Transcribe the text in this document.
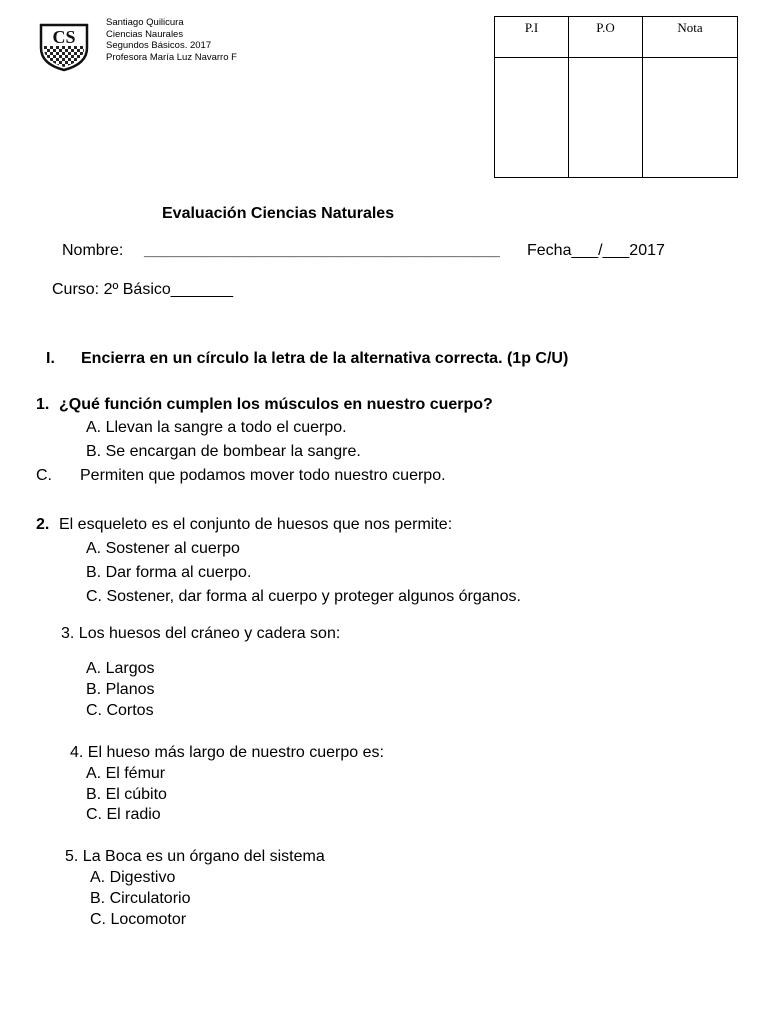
CS
Santiago Quilicura
Ciencias Naurales
Segundos Básicos. 2017
Profesora María Luz Navarro F
P.I	P.O	Nota

Evaluación Ciencias Naturales
Nombre: ________________________________________ Fecha___/___2017
Curso: 2º Básico_______
I. Encierra en un círculo la letra de la alternativa correcta. (1p C/U)
1. ¿Qué función cumplen los músculos en nuestro cuerpo?
A. Llevan la sangre a todo el cuerpo.
B. Se encargan de bombear la sangre.
C. Permiten que podamos mover todo nuestro cuerpo.
2. El esqueleto es el conjunto de huesos que nos permite:
A. Sostener al cuerpo
B. Dar forma al cuerpo.
C. Sostener, dar forma al cuerpo y proteger algunos órganos.
3. Los huesos del cráneo y cadera son:
A. Largos
B. Planos
C. Cortos
4. El hueso más largo de nuestro cuerpo es:
A. El fémur
B. El cúbito
C. El radio
5. La Boca es un órgano del sistema
A. Digestivo
B. Circulatorio
C. Locomotor
